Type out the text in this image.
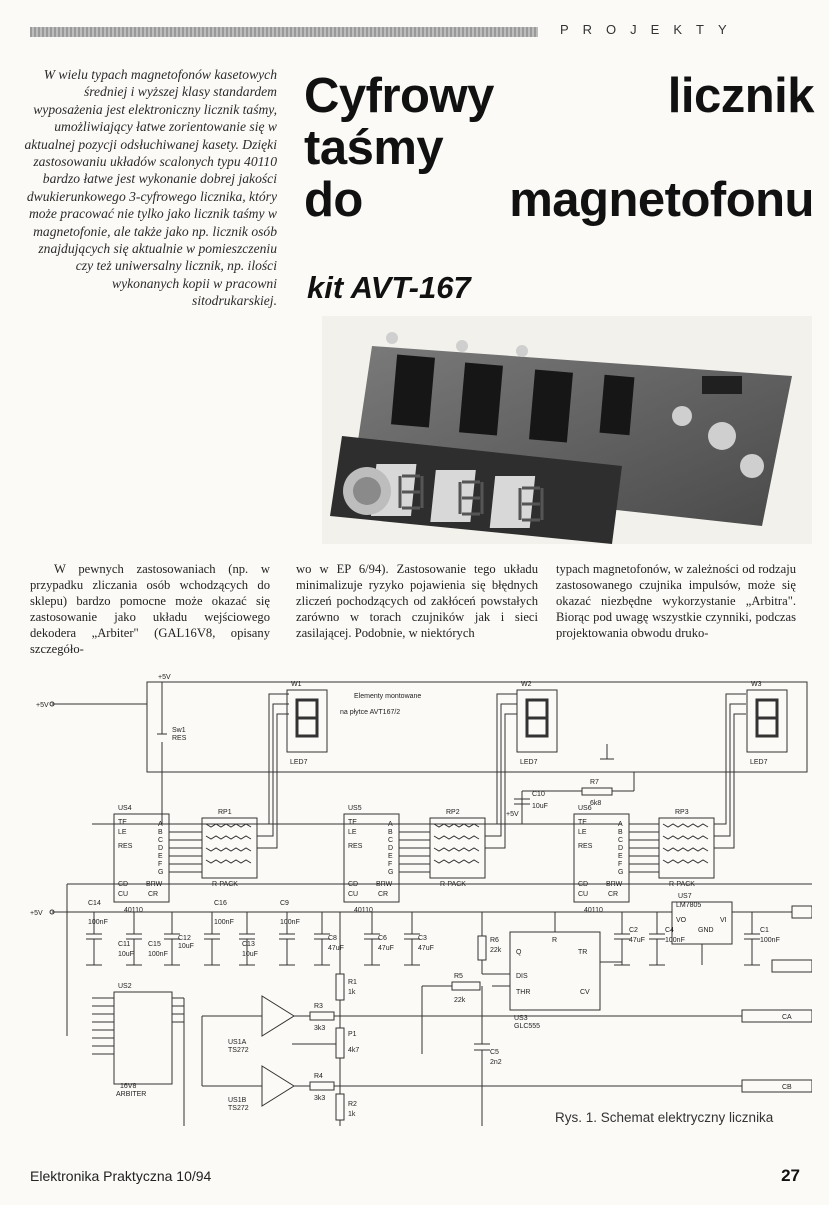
PROJEKTY
W wielu typach magnetofonów kasetowych średniej i wyższej klasy standardem wyposażenia jest elektroniczny licznik taśmy, umożliwiający łatwe zorientowanie się w aktualnej pozycji odsłuchiwanej kasety. Dzięki zastosowaniu układów scalonych typu 40110 bardzo łatwe jest wykonanie dobrej jakości dwukierunkowego 3-cyfrowego licznika, który może pracować nie tylko jako licznik taśmy w magnetofonie, ale także jako np. licznik osób znajdujących się aktualnie w pomieszczeniu czy też uniwersalny licznik, np. ilości wykonanych kopii w pracowni sitodrukarskiej.
Cyfrowy licznik
taśmy
do magnetofonu
kit AVT-167
W pewnych zastosowaniach (np. w przypadku zliczania osób wchodzących do sklepu) bardzo pomocne może okazać się zastosowanie jako układu wejściowego dekodera „Arbiter" (GAL16V8, opisany szczegóło-
wo w EP 6/94). Zastosowanie tego układu minimalizuje ryzyko pojawienia się błędnych zliczeń pochodzących od zakłóceń powstałych zarówno w torach czujników jak i sieci zasilającej. Podobnie, w niektórych
typach magnetofonów, w zależności od rodzaju zastosowanego czujnika impulsów, może się okazać niezbędne wykorzystanie „Arbitra". Biorąc pod uwagę wszystkie czynniki, podczas projektowania obwodu druko-
+5V
+5V
+5V
+5V
Elementy montowane
na płytce AVT167/2
Sw1
RES
W1	W2	W3
LED7	LED7	LED7
US4	US5	US6
40110	40110	40110
TE
LE
RES
CD
CU
BRW
CR
TE
LE
RES
CD
CU
BRW
CR
TE
LE
RES
CD
CU
BRW
CR
A
B
C
D
E
F
G
A
B
C
D
E
F
G
A
B
C
D
E
F
G
RP1	RP2	RP3
R-PACK	R-PACK	R-PACK
R7
6k8
C10
10uF
US7
LM7805
VO	VI
GND	C1
100nF
C4
100nF
C2
47uF
C14
100nF
C11
10uF
C15
100nF
C12
10uF
C16
100nF
C13
10uF
C9
100nF
C8
47uF
C6
47uF
C3
47uF
US2
16V8
ARBITER
US1A
TS272
US1B
TS272
R3
3k3
R4
3k3
R1
1k
P1
4k7
R2
1k
R6
22k
R5
22k
C5
2n2
US3
GLC555
R
TR
Q
DIS
THR	CV
CA
CB
Rys. 1. Schemat elektryczny licznika
Elektronika Praktyczna 10/94	27
